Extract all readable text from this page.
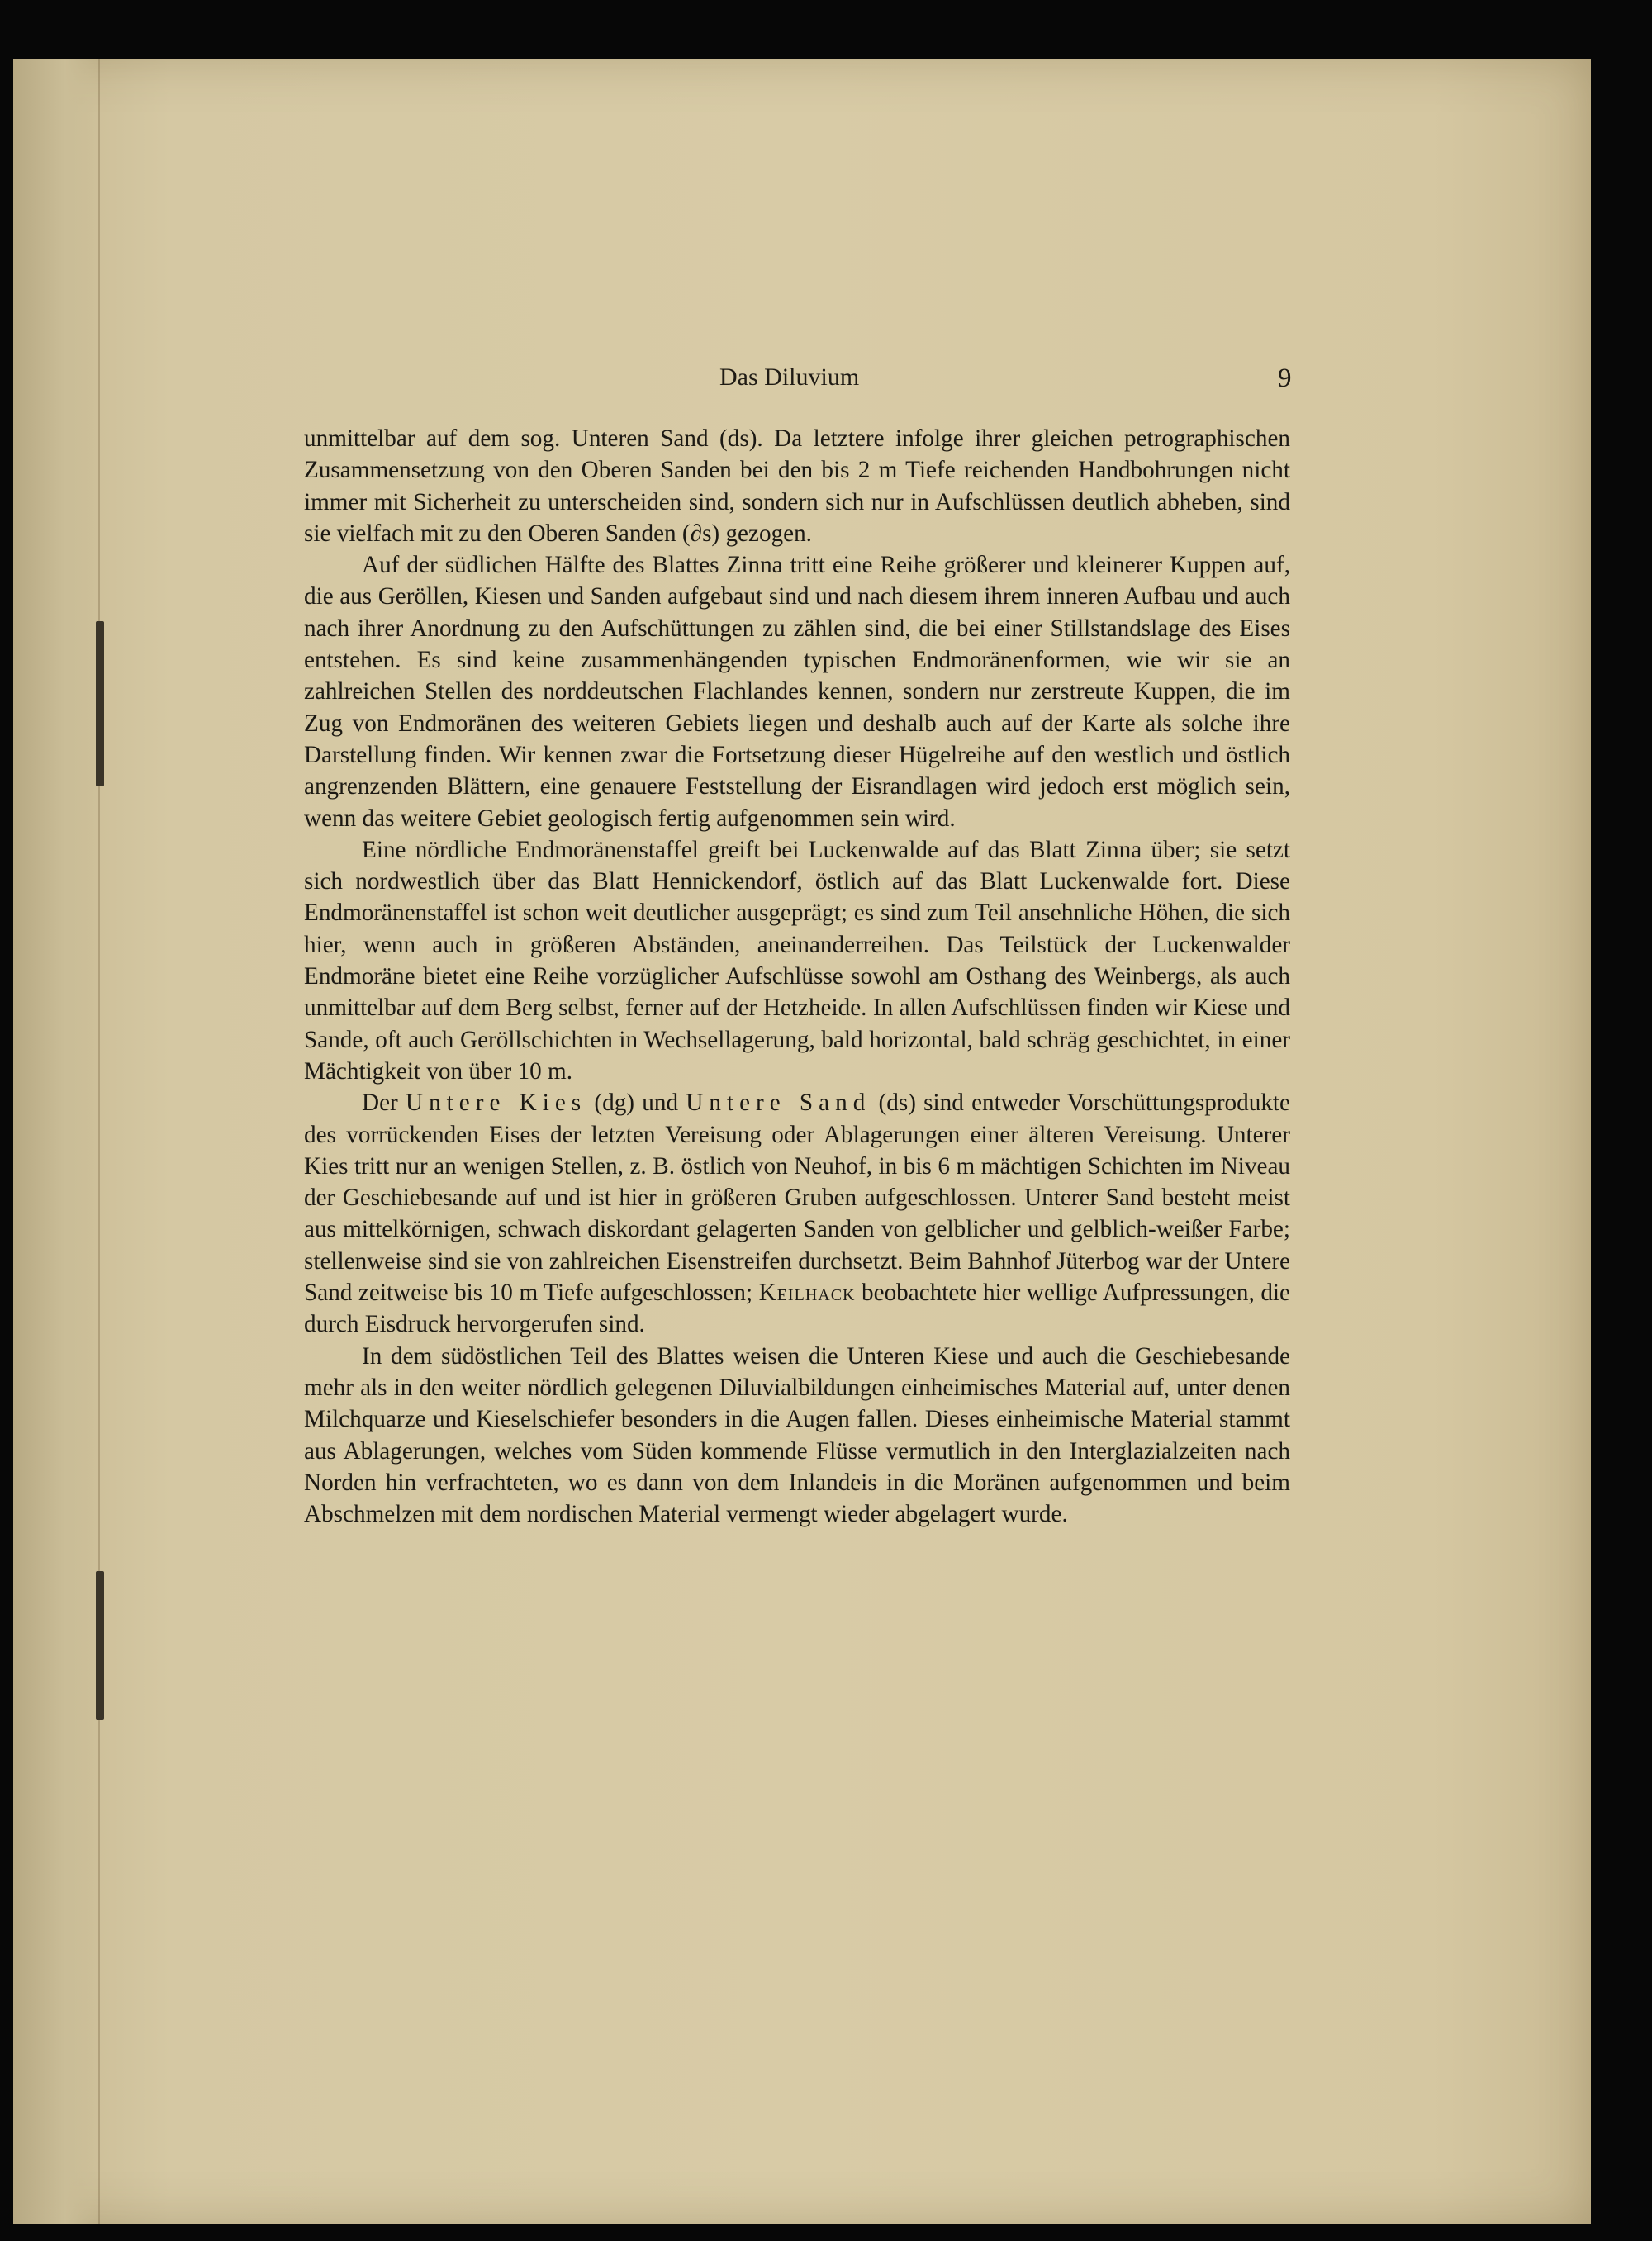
Das Diluvium	9

unmittelbar auf dem sog. Unteren Sand (ds). Da letztere infolge ihrer gleichen petrographischen Zusammensetzung von den Oberen Sanden bei den bis 2 m Tiefe reichenden Handbohrungen nicht immer mit Sicherheit zu unterscheiden sind, sondern sich nur in Aufschlüssen deutlich abheben, sind sie vielfach mit zu den Oberen Sanden (∂s) gezogen.

Auf der südlichen Hälfte des Blattes Zinna tritt eine Reihe größerer und kleinerer Kuppen auf, die aus Geröllen, Kiesen und Sanden aufgebaut sind und nach diesem ihrem inneren Aufbau und auch nach ihrer Anordnung zu den Aufschüttungen zu zählen sind, die bei einer Stillstandslage des Eises entstehen. Es sind keine zusammenhängenden typischen Endmoränenformen, wie wir sie an zahlreichen Stellen des norddeutschen Flachlandes kennen, sondern nur zerstreute Kuppen, die im Zug von Endmoränen des weiteren Gebiets liegen und deshalb auch auf der Karte als solche ihre Darstellung finden. Wir kennen zwar die Fortsetzung dieser Hügelreihe auf den westlich und östlich angrenzenden Blättern, eine genauere Feststellung der Eisrandlagen wird jedoch erst möglich sein, wenn das weitere Gebiet geologisch fertig aufgenommen sein wird.

Eine nördliche Endmoränenstaffel greift bei Luckenwalde auf das Blatt Zinna über; sie setzt sich nordwestlich über das Blatt Hennickendorf, östlich auf das Blatt Luckenwalde fort. Diese Endmoränenstaffel ist schon weit deutlicher ausgeprägt; es sind zum Teil ansehnliche Höhen, die sich hier, wenn auch in größeren Abständen, aneinanderreihen. Das Teilstück der Luckenwalder Endmoräne bietet eine Reihe vorzüglicher Aufschlüsse sowohl am Osthang des Weinbergs, als auch unmittelbar auf dem Berg selbst, ferner auf der Hetzheide. In allen Aufschlüssen finden wir Kiese und Sande, oft auch Geröllschichten in Wechsellagerung, bald horizontal, bald schräg geschichtet, in einer Mächtigkeit von über 10 m.

Der Untere Kies (dg) und Untere Sand (ds) sind entweder Vorschüttungsprodukte des vorrückenden Eises der letzten Vereisung oder Ablagerungen einer älteren Vereisung. Unterer Kies tritt nur an wenigen Stellen, z. B. östlich von Neuhof, in bis 6 m mächtigen Schichten im Niveau der Geschiebesande auf und ist hier in größeren Gruben aufgeschlossen. Unterer Sand besteht meist aus mittelkörnigen, schwach diskordant gelagerten Sanden von gelblicher und gelblich-weißer Farbe; stellenweise sind sie von zahlreichen Eisenstreifen durchsetzt. Beim Bahnhof Jüterbog war der Untere Sand zeitweise bis 10 m Tiefe aufgeschlossen; Keilhack beobachtete hier wellige Aufpressungen, die durch Eisdruck hervorgerufen sind.

In dem südöstlichen Teil des Blattes weisen die Unteren Kiese und auch die Geschiebesande mehr als in den weiter nördlich gelegenen Diluvialbildungen einheimisches Material auf, unter denen Milchquarze und Kieselschiefer besonders in die Augen fallen. Dieses einheimische Material stammt aus Ablagerungen, welches vom Süden kommende Flüsse vermutlich in den Interglazialzeiten nach Norden hin verfrachteten, wo es dann von dem Inlandeis in die Moränen aufgenommen und beim Abschmelzen mit dem nordischen Material vermengt wieder abgelagert wurde.
